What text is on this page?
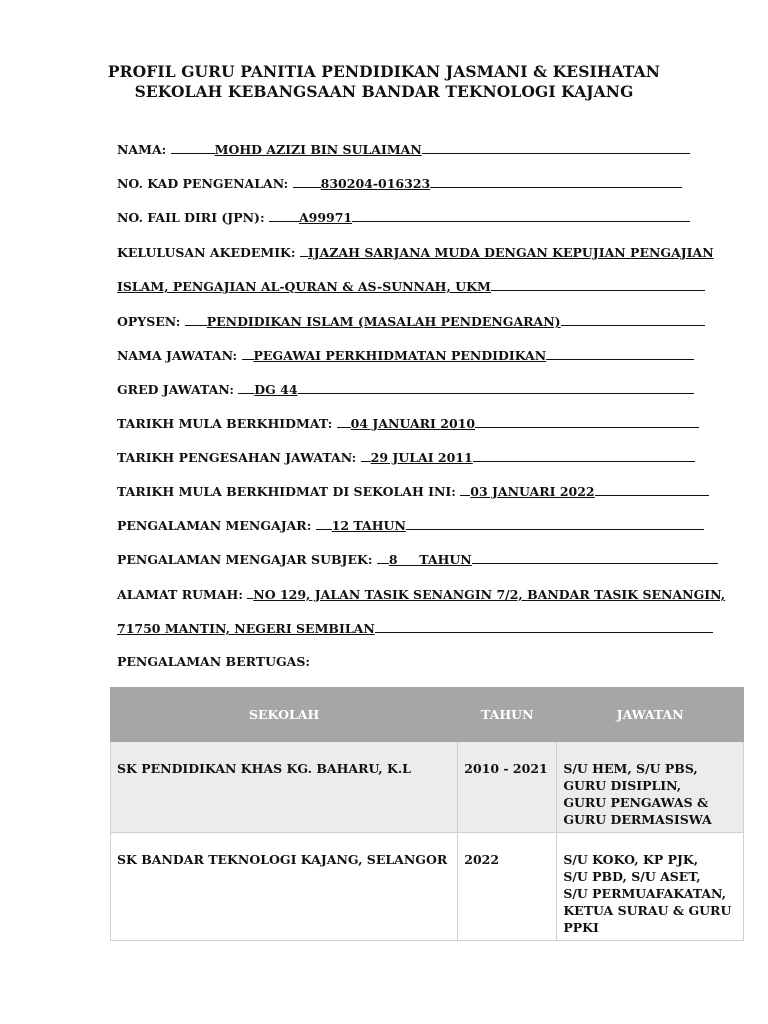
PROFIL GURU PANITIA PENDIDIKAN JASMANI & KESIHATAN
SEKOLAH KEBANGSAAN BANDAR TEKNOLOGI KAJANG
NAMA:	MOHD AZIZI BIN SULAIMAN
NO. KAD PENGENALAN: 830204-016323
NO. FAIL DIRI (JPN): A99971
KELULUSAN AKEDEMIK: IJAZAH SARJANA MUDA DENGAN KEPUJIAN PENGAJIAN
ISLAM, PENGAJIAN AL-QURAN & AS-SUNNAH, UKM
OPYSEN: PENDIDIKAN ISLAM (MASALAH PENDENGARAN)
NAMA JAWATAN: PEGAWAI PERKHIDMATAN PENDIDIKAN
GRED JAWATAN: DG 44
TARIKH MULA BERKHIDMAT: 04 JANUARI 2010
TARIKH PENGESAHAN JAWATAN: 29 JULAI 2011
TARIKH MULA BERKHIDMAT DI SEKOLAH INI: 03 JANUARI 2022
PENGALAMAN MENGAJAR: 12 TAHUN
PENGALAMAN MENGAJAR SUBJEK: 8     TAHUN
ALAMAT RUMAH: NO 129, JALAN TASIK SENANGIN 7/2, BANDAR TASIK SENANGIN,
71750 MANTIN, NEGERI SEMBILAN
PENGALAMAN BERTUGAS:
SEKOLAH	TAHUN	JAWATAN
SK PENDIDIKAN KHAS KG. BAHARU, K.L	2010 - 2021	S/U HEM, S/U PBS,
GURU DISIPLIN,
GURU PENGAWAS &
GURU DERMASISWA

SK BANDAR TEKNOLOGI KAJANG, SELANGOR	2022	S/U KOKO, KP PJK,
S/U PBD, S/U ASET,
S/U PERMUAFAKATAN,
KETUA SURAU & GURU
PPKI
